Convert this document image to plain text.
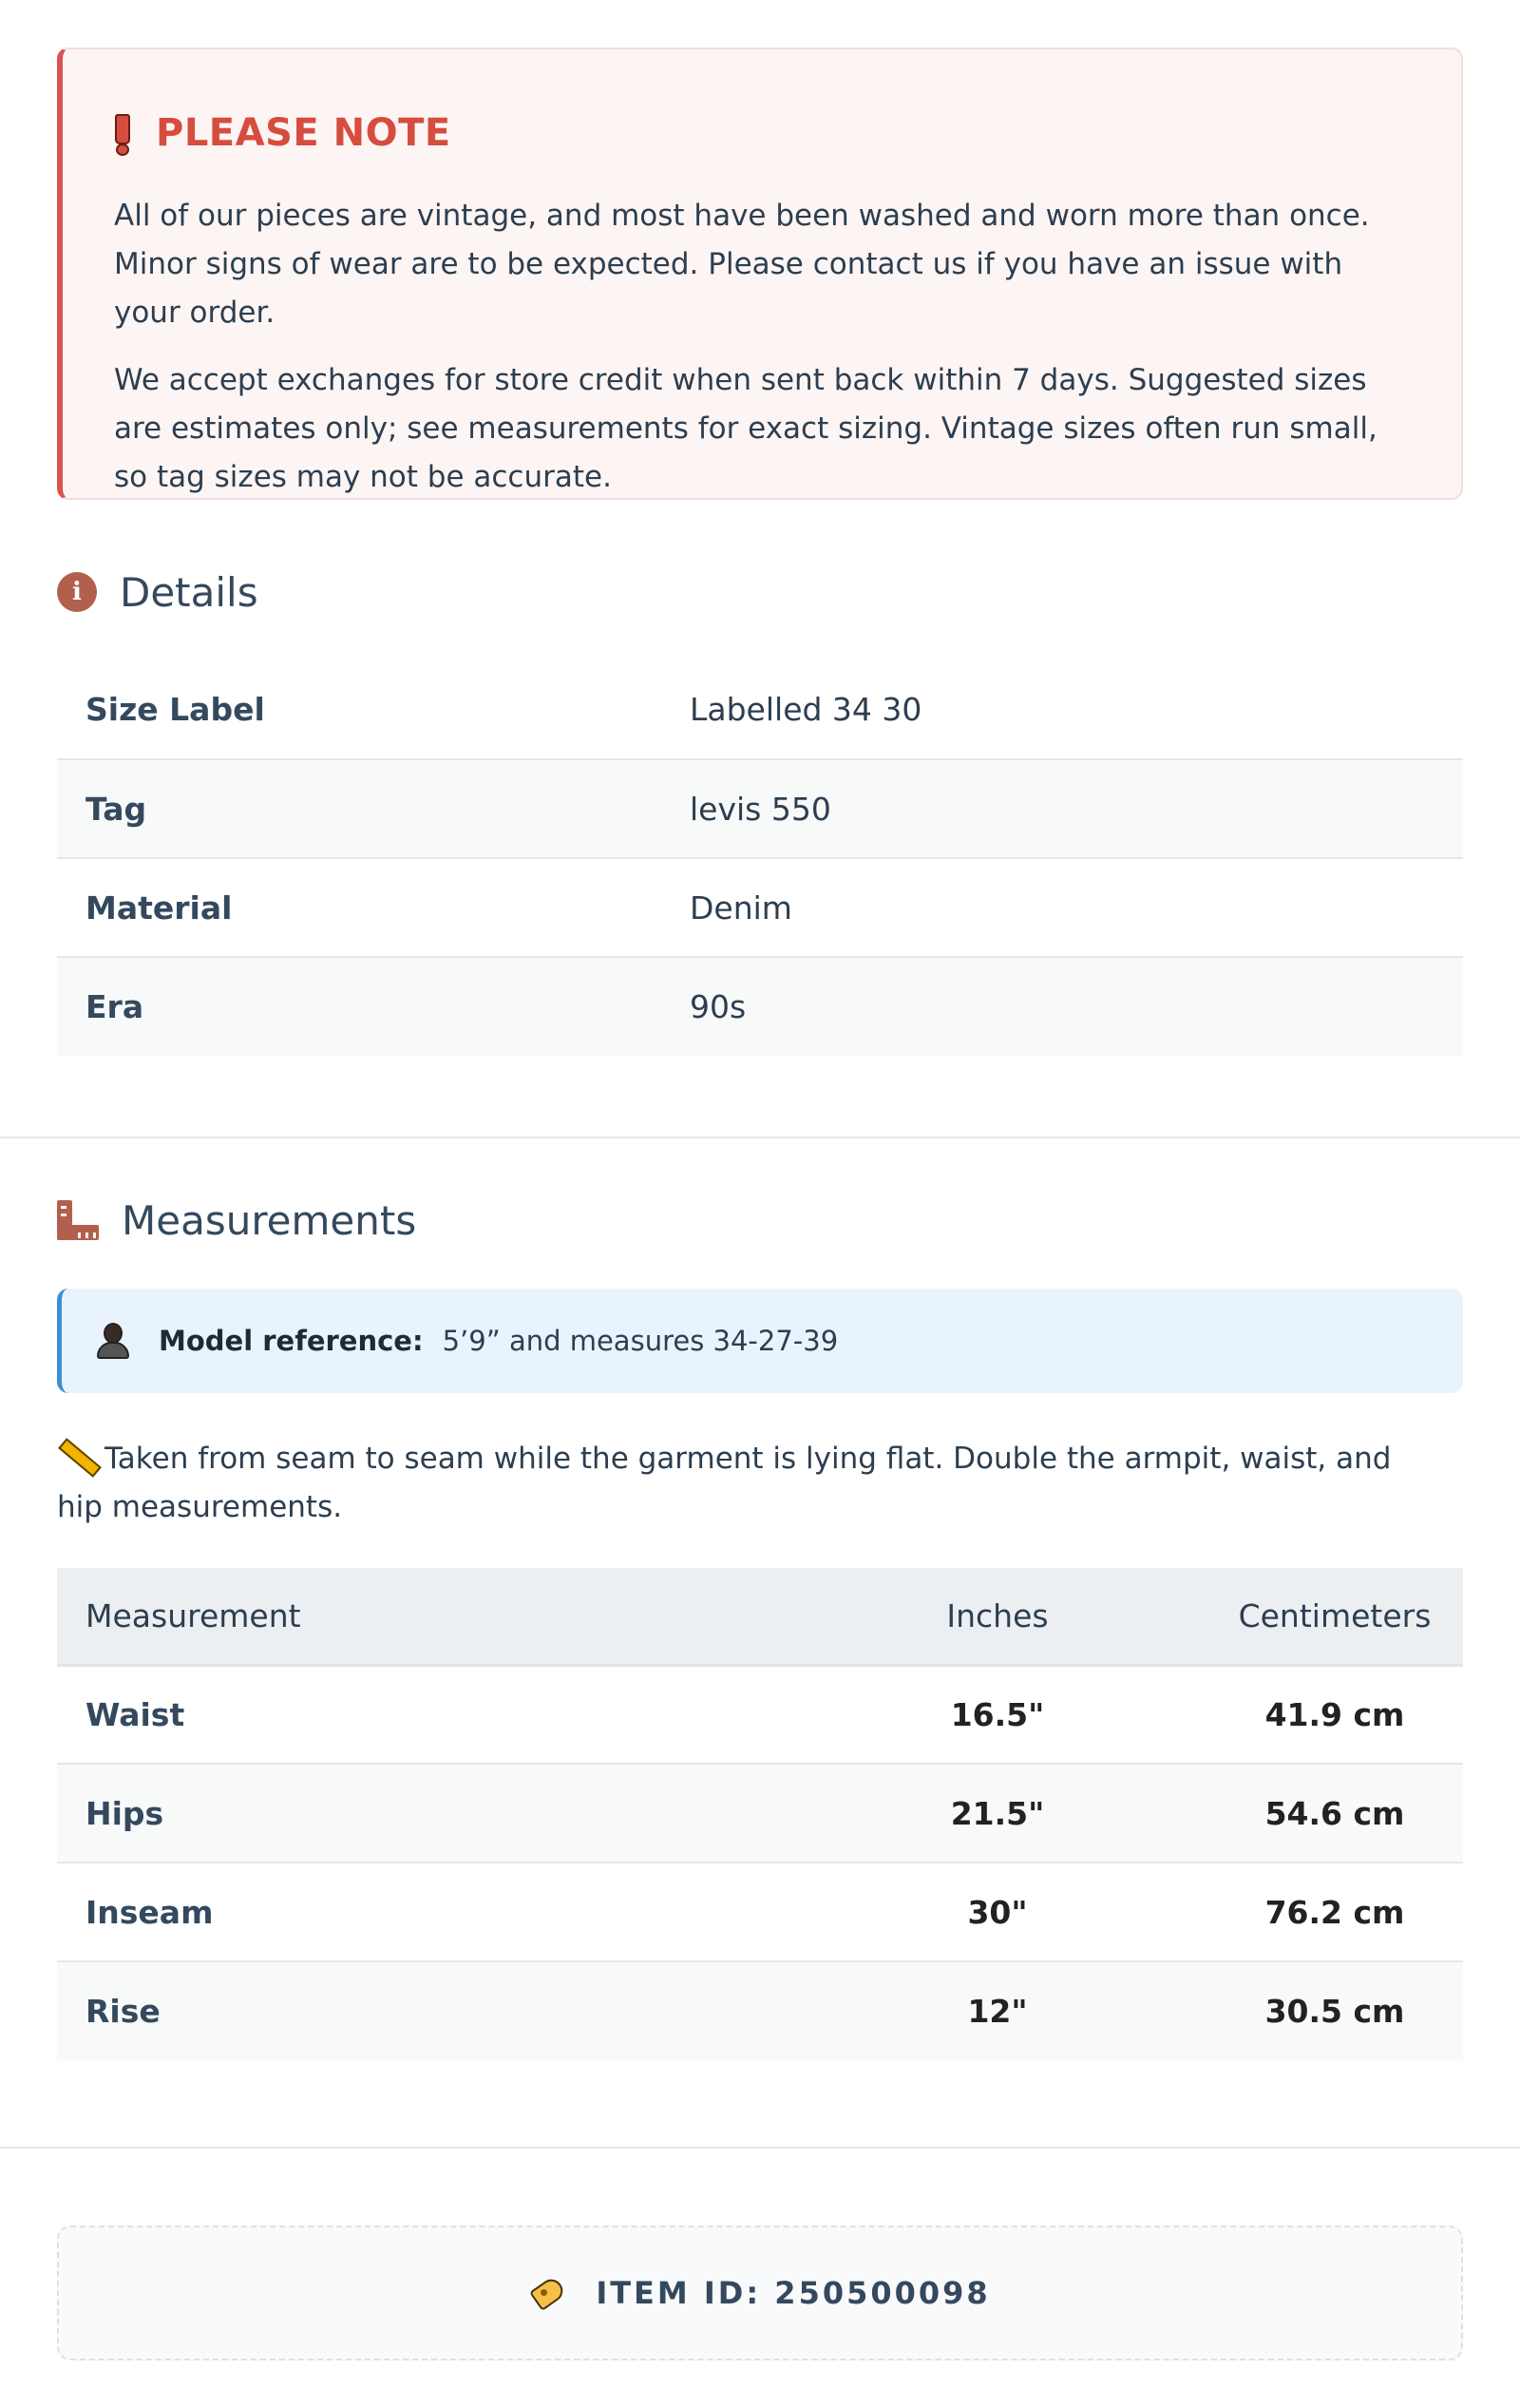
PLEASE NOTE

All of our pieces are vintage, and most have been washed and worn more than once. Minor signs of wear are to be expected. Please contact us if you have an issue with your order.

We accept exchanges for store credit when sent back within 7 days. Suggested sizes are estimates only; see measurements for exact sizing. Vintage sizes often run small, so tag sizes may not be accurate.

i Details
Size Label	Labelled 34 30
Tag	levis 550
Material	Denim
Era	90s
Measurements
Model reference: 5’9” and measures 34-27-39
Taken from seam to seam while the garment is lying flat. Double the armpit, waist, and hip measurements.
Measurement	Inches	Centimeters
Waist	16.5"	41.9 cm
Hips	21.5"	54.6 cm
Inseam	30"	76.2 cm
Rise	12"	30.5 cm
ITEM ID: 250500098
